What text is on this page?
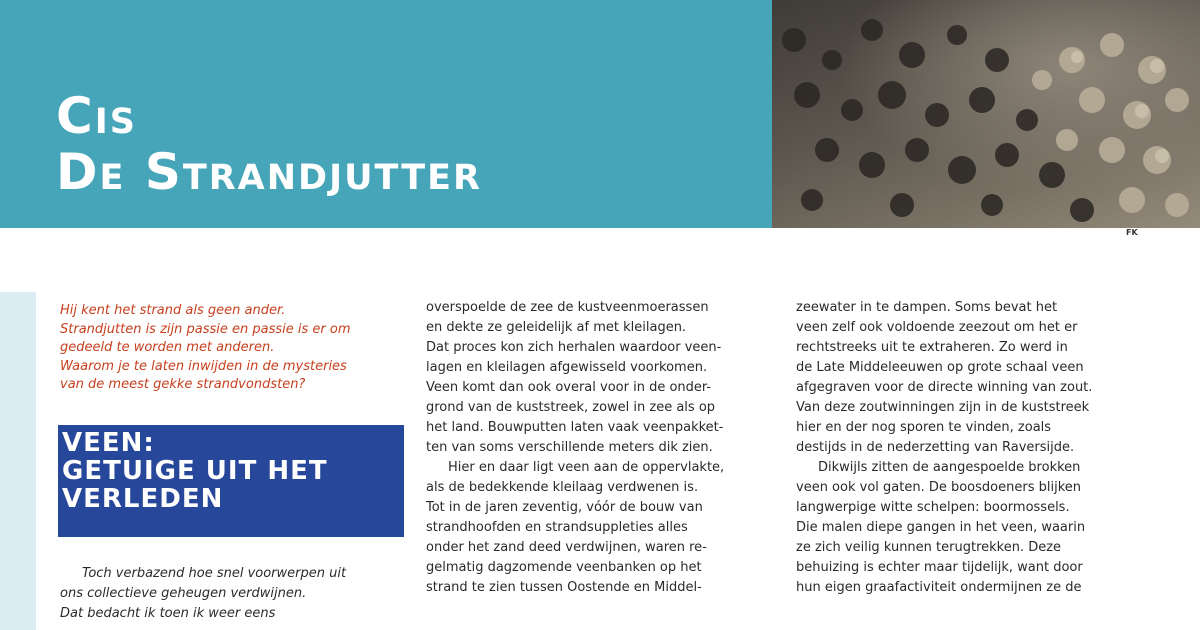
Cis
De Strandjutter
FK

Hij kent het strand als geen ander.
Strandjutten is zijn passie en passie is er om
gedeeld te worden met anderen.
Waarom je te laten inwijden in de mysteries
van de meest gekke strandvondsten?

VEEN:
GETUIGE UIT HET
VERLEDEN

Toch verbazend hoe snel voorwerpen uit
ons collectieve geheugen verdwijnen.
Dat bedacht ik toen ik weer eens

overspoelde de zee de kustveenmoerassen
en dekte ze geleidelijk af met kleilagen.
Dat proces kon zich herhalen waardoor veen-
lagen en kleilagen afgewisseld voorkomen.
Veen komt dan ook overal voor in de onder-
grond van de kuststreek, zowel in zee als op
het land. Bouwputten laten vaak veenpakket-
ten van soms verschillende meters dik zien.
Hier en daar ligt veen aan de oppervlakte,
als de bedekkende kleilaag verdwenen is.
Tot in de jaren zeventig, vóór de bouw van
strandhoofden en strandsuppleties alles
onder het zand deed verdwijnen, waren re-
gelmatig dagzomende veenbanken op het
strand te zien tussen Oostende en Middel-

zeewater in te dampen. Soms bevat het
veen zelf ook voldoende zeezout om het er
rechtstreeks uit te extraheren. Zo werd in
de Late Middeleeuwen op grote schaal veen
afgegraven voor de directe winning van zout.
Van deze zoutwinningen zijn in de kuststreek
hier en der nog sporen te vinden, zoals
destijds in de nederzetting van Raversijde.
Dikwijls zitten de aangespoelde brokken
veen ook vol gaten. De boosdoeners blijken
langwerpige witte schelpen: boormossels.
Die malen diepe gangen in het veen, waarin
ze zich veilig kunnen terugtrekken. Deze
behuizing is echter maar tijdelijk, want door
hun eigen graafactiviteit ondermijnen ze de
